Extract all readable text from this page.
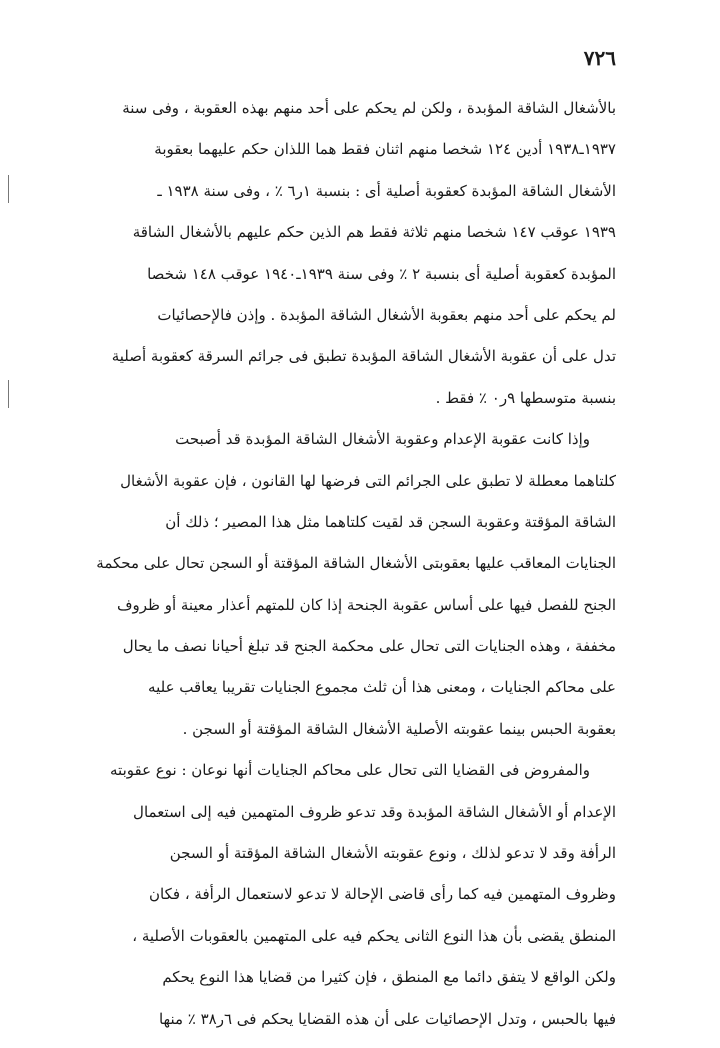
٧٢٦
بالأشغال الشاقة المؤبدة ، ولكن لم يحكم على أحد منهم بهذه العقوبة ، وفى سنة
١٩٣٧ـ١٩٣٨ أدين ١٢٤ شخصا منهم اثنان فقط هما اللذان حكم عليهما بعقوبة
الأشغال الشاقة المؤبدة كعقوبة أصلية أى : بنسبة ١ر٦ ٪ ، وفى سنة ١٩٣٨ ـ
١٩٣٩ عوقب ١٤٧ شخصا منهم ثلاثة فقط هم الذين حكم عليهم بالأشغال الشاقة
المؤبدة كعقوبة أصلية أى بنسبة ٢ ٪ وفى سنة ١٩٣٩ـ١٩٤٠ عوقب ١٤٨ شخصا
لم يحكم على أحد منهم بعقوبة الأشغال الشاقة المؤبدة . وإذن فالإحصائيات
تدل على أن عقوبة الأشغال الشاقة المؤبدة تطبق فى جرائم السرقة كعقوبة أصلية
بنسبة متوسطها ٩ر٠ ٪ فقط .
وإذا كانت عقوبة الإعدام وعقوبة الأشغال الشاقة المؤبدة قد أصبحت
كلتاهما معطلة لا تطبق على الجرائم التى فرضها لها القانون ، فإن عقوبة الأشغال
الشاقة المؤقتة وعقوبة السجن قد لقيت كلتاهما مثل هذا المصير ؛ ذلك أن
الجنايات المعاقب عليها بعقوبتى الأشغال الشاقة المؤقتة أو السجن تحال على محكمة
الجنح للفصل فيها على أساس عقوبة الجنحة إذا كان للمتهم أعذار معينة أو ظروف
مخففة ، وهذه الجنايات التى تحال على محكمة الجنح قد تبلغ أحيانا نصف ما يحال
على محاكم الجنايات ، ومعنى هذا أن ثلث مجموع الجنايات تقريبا يعاقب عليه
بعقوبة الحبس بينما عقوبته الأصلية الأشغال الشاقة المؤقتة أو السجن .
والمفروض فى القضايا التى تحال على محاكم الجنايات أنها نوعان : نوع عقوبته
الإعدام أو الأشغال الشاقة المؤبدة وقد تدعو ظروف المتهمين فيه إلى استعمال
الرأفة وقد لا تدعو لذلك ، ونوع عقوبته الأشغال الشاقة المؤقتة أو السجن
وظروف المتهمين فيه كما رأى قاضى الإحالة لا تدعو لاستعمال الرأفة ، فكان
المنطق يقضى بأن هذا النوع الثانى يحكم فيه على المتهمين بالعقوبات الأصلية ،
ولكن الواقع لا يتفق دائما مع المنطق ، فإن كثيرا من قضايا هذا النوع يحكم
فيها بالحبس ، وتدل الإحصائيات على أن هذه القضايا يحكم فى ٦ر٣٨ ٪ منها
